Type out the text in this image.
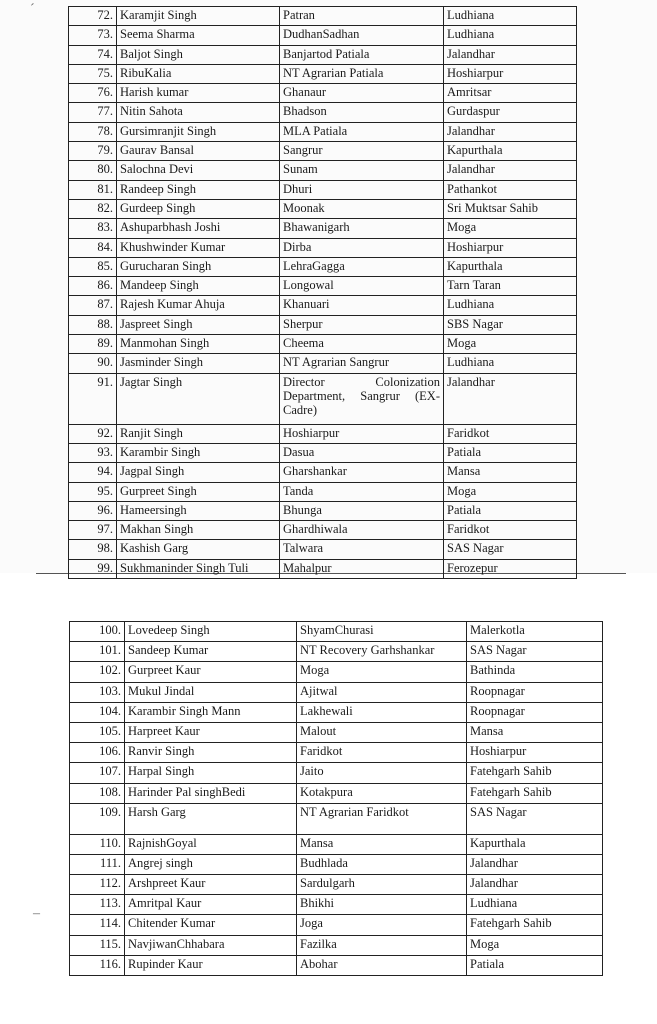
ˊ
‒
72.	Karamjit Singh	Patran	Ludhiana
73.	Seema Sharma	DudhanSadhan	Ludhiana
74.	Baljot Singh	Banjartod Patiala	Jalandhar
75.	RibuKalia	NT Agrarian Patiala	Hoshiarpur
76.	Harish kumar	Ghanaur	Amritsar
77.	Nitin Sahota	Bhadson	Gurdaspur
78.	Gursimranjit Singh	MLA Patiala	Jalandhar
79.	Gaurav Bansal	Sangrur	Kapurthala
80.	Salochna Devi	Sunam	Jalandhar
81.	Randeep Singh	Dhuri	Pathankot
82.	Gurdeep Singh	Moonak	Sri Muktsar Sahib
83.	Ashuparbhash Joshi	Bhawanigarh	Moga
84.	Khushwinder Kumar	Dirba	Hoshiarpur
85.	Gurucharan Singh	LehraGagga	Kapurthala
86.	Mandeep Singh	Longowal	Tarn Taran
87.	Rajesh Kumar Ahuja	Khanuari	Ludhiana
88.	Jaspreet Singh	Sherpur	SBS Nagar
89.	Manmohan Singh	Cheema	Moga
90.	Jasminder Singh	NT Agrarian Sangrur	Ludhiana
91.	Jagtar Singh	Director Colonization Department, Sangrur (EX-Cadre)	Jalandhar
92.	Ranjit Singh	Hoshiarpur	Faridkot
93.	Karambir Singh	Dasua	Patiala
94.	Jagpal Singh	Gharshankar	Mansa
95.	Gurpreet Singh	Tanda	Moga
96.	Hameersingh	Bhunga	Patiala
97.	Makhan Singh	Ghardhiwala	Faridkot
98.	Kashish Garg	Talwara	SAS Nagar
99.	Sukhmaninder Singh Tuli	Mahalpur	Ferozepur
100.	Lovedeep Singh	ShyamChurasi	Malerkotla
101.	Sandeep Kumar	NT Recovery Garhshankar	SAS Nagar
102.	Gurpreet Kaur	Moga	Bathinda
103.	Mukul Jindal	Ajitwal	Roopnagar
104.	Karambir Singh Mann	Lakhewali	Roopnagar
105.	Harpreet Kaur	Malout	Mansa
106.	Ranvir Singh	Faridkot	Hoshiarpur
107.	Harpal Singh	Jaito	Fatehgarh Sahib
108.	Harinder Pal singhBedi	Kotakpura	Fatehgarh Sahib
109.	Harsh Garg	NT Agrarian Faridkot	SAS Nagar
110.	RajnishGoyal	Mansa	Kapurthala
111.	Angrej singh	Budhlada	Jalandhar
112.	Arshpreet Kaur	Sardulgarh	Jalandhar
113.	Amritpal Kaur	Bhikhi	Ludhiana
114.	Chitender Kumar	Joga	Fatehgarh Sahib
115.	NavjiwanChhabara	Fazilka	Moga
116.	Rupinder Kaur	Abohar	Patiala
